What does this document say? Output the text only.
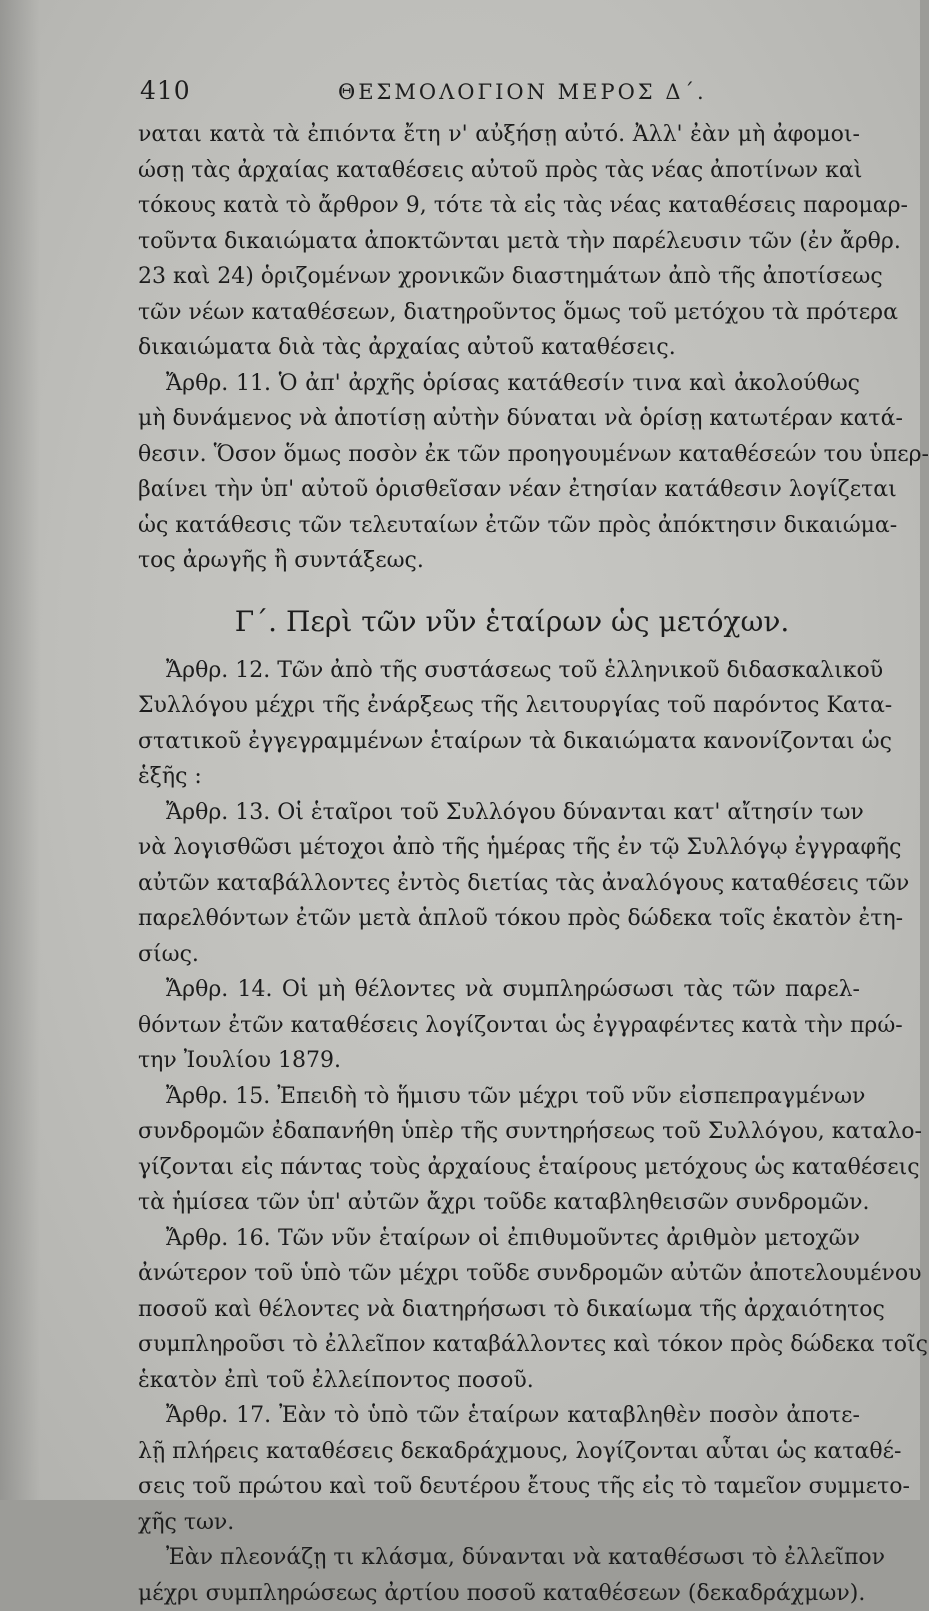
410	ΘΕΣΜΟΛΟΓΙΟΝ ΜΕΡΟΣ Δ΄.
ναται κατὰ τὰ ἐπιόντα ἔτη ν' αὐξήσῃ αὐτό. Ἀλλ' ἐὰν μὴ ἀφομοι-
ώσῃ τὰς ἀρχαίας καταθέσεις αὐτοῦ πρὸς τὰς νέας ἀποτίνων καὶ
τόκους κατὰ τὸ ἄρθρον 9, τότε τὰ εἰς τὰς νέας καταθέσεις παρομαρ-
τοῦντα δικαιώματα ἀποκτῶνται μετὰ τὴν παρέλευσιν τῶν (ἐν ἄρθρ.
23 καὶ 24) ὁριζομένων χρονικῶν διαστημάτων ἀπὸ τῆς ἀποτίσεως
τῶν νέων καταθέσεων, διατηροῦντος ὅμως τοῦ μετόχου τὰ πρότερα
δικαιώματα διὰ τὰς ἀρχαίας αὐτοῦ καταθέσεις.
Ἄρθρ. 11. Ὁ ἀπ' ἀρχῆς ὁρίσας κατάθεσίν τινα καὶ ἀκολούθως
μὴ δυνάμενος νὰ ἀποτίσῃ αὐτὴν δύναται νὰ ὁρίσῃ κατωτέραν κατά-
θεσιν. Ὅσον ὅμως ποσὸν ἐκ τῶν προηγουμένων καταθέσεών του ὑπερ-
βαίνει τὴν ὑπ' αὐτοῦ ὁρισθεῖσαν νέαν ἐτησίαν κατάθεσιν λογίζεται
ὡς κατάθεσις τῶν τελευταίων ἐτῶν τῶν πρὸς ἀπόκτησιν δικαιώμα-
τος ἀρωγῆς ἢ συντάξεως.
Γ΄. Περὶ τῶν νῦν ἑταίρων ὡς μετόχων.
Ἄρθρ. 12. Τῶν ἀπὸ τῆς συστάσεως τοῦ ἑλληνικοῦ διδασκαλικοῦ
Συλλόγου μέχρι τῆς ἐνάρξεως τῆς λειτουργίας τοῦ παρόντος Κατα-
στατικοῦ ἐγγεγραμμένων ἑταίρων τὰ δικαιώματα κανονίζονται ὡς
ἑξῆς :
Ἄρθρ. 13. Οἱ ἑταῖροι τοῦ Συλλόγου δύνανται κατ' αἴτησίν των
νὰ λογισθῶσι μέτοχοι ἀπὸ τῆς ἡμέρας τῆς ἐν τῷ Συλλόγῳ ἐγγραφῆς
αὐτῶν καταβάλλοντες ἐντὸς διετίας τὰς ἀναλόγους καταθέσεις τῶν
παρελθόντων ἐτῶν μετὰ ἁπλοῦ τόκου πρὸς δώδεκα τοῖς ἑκατὸν ἐτη-
σίως.
Ἄρθρ. 14. Οἱ μὴ θέλοντες νὰ συμπληρώσωσι τὰς τῶν παρελ-
θόντων ἐτῶν καταθέσεις λογίζονται ὡς ἐγγραφέντες κατὰ τὴν πρώ-
την Ἰουλίου 1879.
Ἄρθρ. 15. Ἐπειδὴ τὸ ἥμισυ τῶν μέχρι τοῦ νῦν εἰσπεπραγμένων
συνδρομῶν ἐδαπανήθη ὑπὲρ τῆς συντηρήσεως τοῦ Συλλόγου, καταλο-
γίζονται εἰς πάντας τοὺς ἀρχαίους ἑταίρους μετόχους ὡς καταθέσεις
τὰ ἡμίσεα τῶν ὑπ' αὐτῶν ἄχρι τοῦδε καταβληθεισῶν συνδρομῶν.
Ἄρθρ. 16. Τῶν νῦν ἑταίρων οἱ ἐπιθυμοῦντες ἀριθμὸν μετοχῶν
ἀνώτερον τοῦ ὑπὸ τῶν μέχρι τοῦδε συνδρομῶν αὐτῶν ἀποτελουμένου
ποσοῦ καὶ θέλοντες νὰ διατηρήσωσι τὸ δικαίωμα τῆς ἀρχαιότητος
συμπληροῦσι τὸ ἐλλεῖπον καταβάλλοντες καὶ τόκον πρὸς δώδεκα τοῖς
ἑκατὸν ἐπὶ τοῦ ἐλλείποντος ποσοῦ.
Ἄρθρ. 17. Ἐὰν τὸ ὑπὸ τῶν ἑταίρων καταβληθὲν ποσὸν ἀποτε-
λῇ πλήρεις καταθέσεις δεκαδράχμους, λογίζονται αὗται ὡς καταθέ-
σεις τοῦ πρώτου καὶ τοῦ δευτέρου ἔτους τῆς εἰς τὸ ταμεῖον συμμετο-
χῆς των.
Ἐὰν πλεονάζῃ τι κλάσμα, δύνανται νὰ καταθέσωσι τὸ ἐλλεῖπον
μέχρι συμπληρώσεως ἀρτίου ποσοῦ καταθέσεων (δεκαδράχμων).
